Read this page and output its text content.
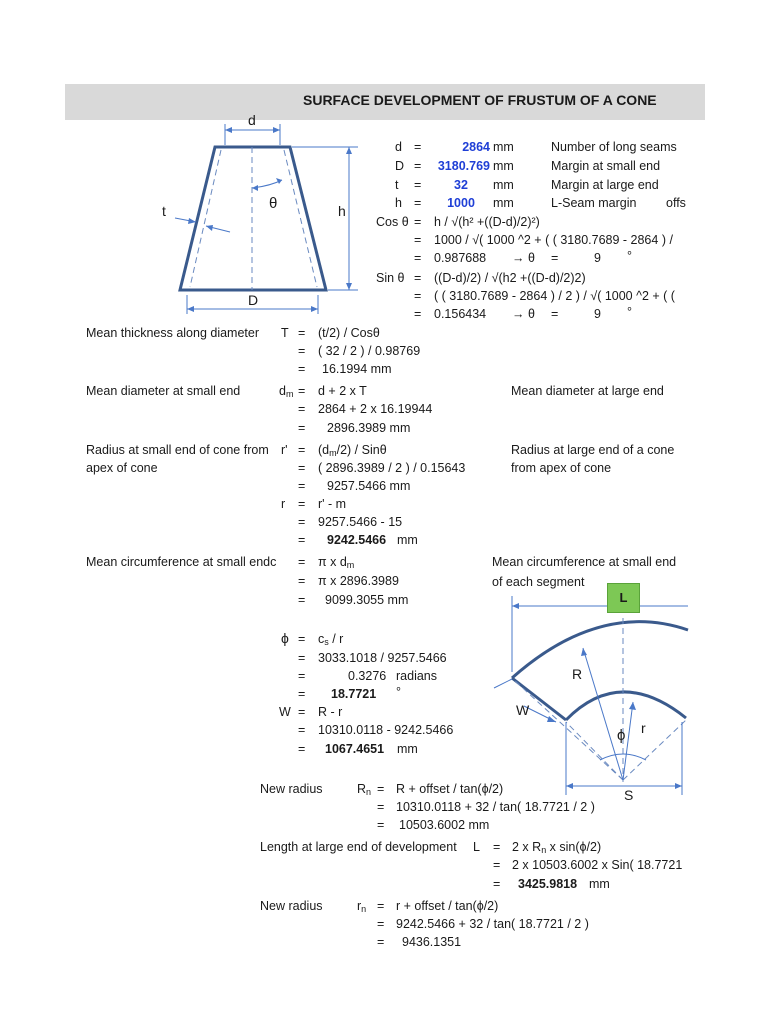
SURFACE DEVELOPMENT OF FRUSTUM OF A CONE
d
D
t	h
θ
L
R
r
W
ϕ
S
d =	2864 mm	Number of long seams
D =	3180.769 mm	Margin at small end
t =	32	mm	Margin at large end
h =	1000	mm	L-Seam margin offs
Cos θ = h / √(h² +((D-d)/2)²)
= 1000 / √( 1000 ^2 + ( ( 3180.7689 - 2864 ) /
= 0.987688 → θ =	9 °
Sin θ = ((D-d)/2) / √(h2 +((D-d)/2)2)
= ( ( 3180.7689 - 2864 ) / 2 ) / √( 1000 ^2 + ( (
= 0.156434 → θ =	9 °
Mean thickness along diameter T = (t/2) / Cosθ
= ( 32 / 2 ) / 0.98769
= 16.1994 mm
Mean diameter at small end	$d_m = d + 2$ x T	Mean diameter at large end
= 2864 + 2 x 16.19944
= 2896.3989 mm
Radius at small end of cone from
apex of cone
$r' = (d_m/2) / Sin\theta$	Radius at large end of a cone
from apex of cone
= ( 2896.3989 / 2 ) / 0.15643
= 9257.5466 mm
r = r' - m
= 9257.5466 - 15
= 9242.5466 mm
Mean circumference at small endc = π x $d_m$	Mean circumference at small end
of each segment
= π x 2896.3989
= 9099.3055 mm
$\phi = c_s / r$
= 3033.1018 / 9257.5466
=	0.3276 radians
= 18.7721 °
W = R - r
= 10310.0118 - 9242.5466
= 1067.4651 mm
New radius	$R_n = R$ + offset / tan(ϕ/2)
= 10310.0118 + 32 / tan( 18.7721 / 2 )
= 10503.6002 mm
Length at large end of development L = 2 x $R_n$ x sin(ϕ/2)
= 2 x 10503.6002 x Sin( 18.7721
= 3425.9818 mm
New radius	$r_n = r$ + offset / tan(ϕ/2)
= 9242.5466 + 32 / tan( 18.7721 / 2 )
= 9436.1351
